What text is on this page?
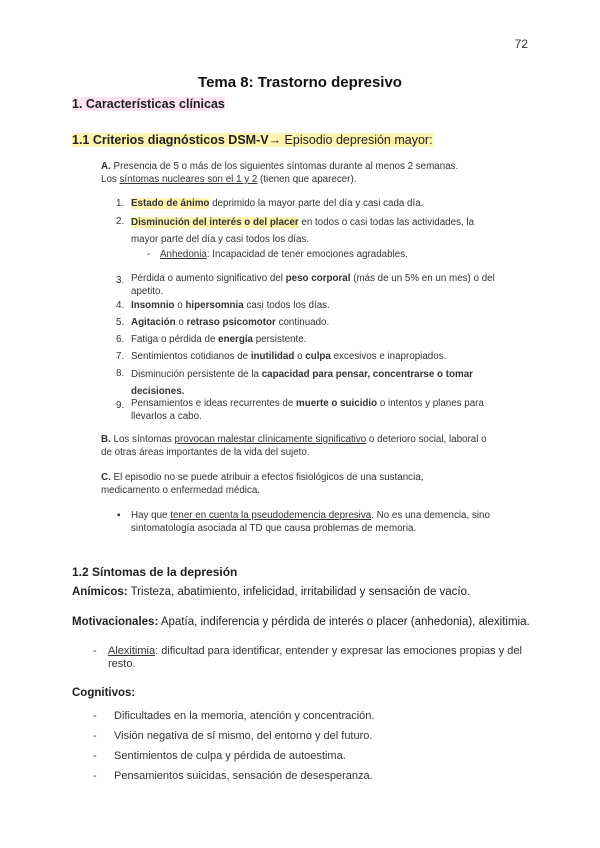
72
Tema 8: Trastorno depresivo
1. Características clínicas
1.1 Criterios diagnósticos DSM-V→ Episodio depresión mayor:
A. Presencia de 5 o más de los siguientes síntomas durante al menos 2 semanas.
Los síntomas nucleares son el 1 y 2 (tienen que aparecer).
1. Estado de ánimo deprimido la mayor parte del día y casi cada día.
2. Disminución del interés o del placer en todos o casi todas las actividades, la mayor parte del día y casi todos los días.
- Anhedonia: Incapacidad de tener emociones agradables.
3. Pérdida o aumento significativo del peso corporal (más de un 5% en un mes) o del apetito.
4. Insomnio o hipersomnia casi todos los días.
5. Agitación o retraso psicomotor continuado.
6. Fatiga o pérdida de energía persistente.
7. Sentimientos cotidianos de inutilidad o culpa excesivos e inapropiados.
8. Disminución persistente de la capacidad para pensar, concentrarse o tomar decisiones.
9. Pensamientos e ideas recurrentes de muerte o suicidio o intentos y planes para llevarlos a cabo.
B. Los síntomas provocan malestar clínicamente significativo o deterioro social, laboral o de otras áreas importantes de la vida del sujeto.
C. El episodio no se puede atribuir a efectos fisiológicos de una sustancia, medicamento o enfermedad médica.
▪ Hay que tener en cuenta la pseudodemencia depresiva. No es una demencia, sino sintomatología asociada al TD que causa problemas de memoria.
1.2 Síntomas de la depresión
Anímicos: Tristeza, abatimiento, infelicidad, irritabilidad y sensación de vacío.
Motivacionales: Apatía, indiferencia y pérdida de interés o placer (anhedonia), alexitimia.
- Alexitimia: dificultad para identificar, entender y expresar las emociones propias y del resto.
Cognitivos:
- Dificultades en la memoria, atención y concentración.
- Visión negativa de sí mismo, del entorno y del futuro.
- Sentimientos de culpa y pérdida de autoestima.
- Pensamientos suicidas, sensación de desesperanza.
